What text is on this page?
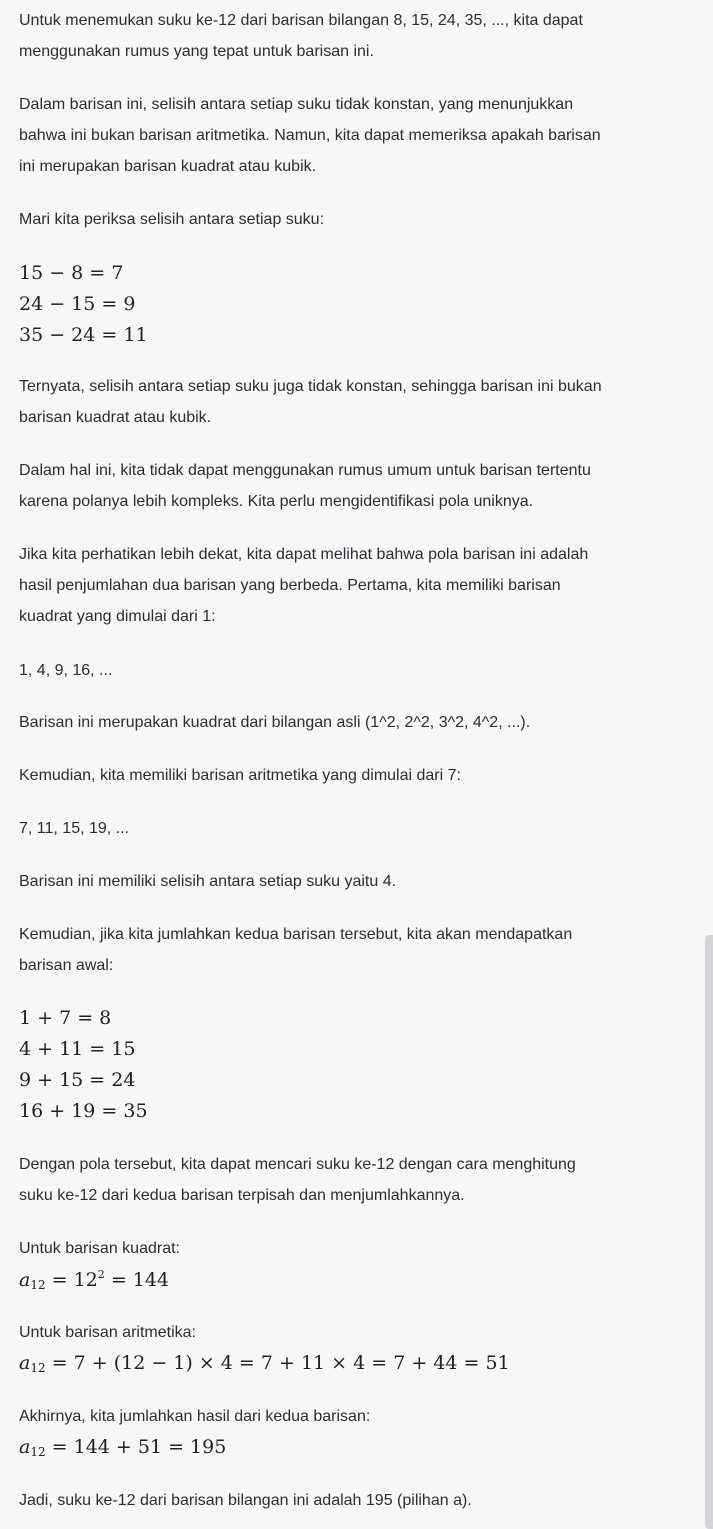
Untuk menemukan suku ke-12 dari barisan bilangan 8, 15, 24, 35, ..., kita dapat
menggunakan rumus yang tepat untuk barisan ini.
Dalam barisan ini, selisih antara setiap suku tidak konstan, yang menunjukkan
bahwa ini bukan barisan aritmetika. Namun, kita dapat memeriksa apakah barisan
ini merupakan barisan kuadrat atau kubik.
Mari kita periksa selisih antara setiap suku:
15 − 8 = 7
24 − 15 = 9
35 − 24 = 11
Ternyata, selisih antara setiap suku juga tidak konstan, sehingga barisan ini bukan
barisan kuadrat atau kubik.
Dalam hal ini, kita tidak dapat menggunakan rumus umum untuk barisan tertentu
karena polanya lebih kompleks. Kita perlu mengidentifikasi pola uniknya.
Jika kita perhatikan lebih dekat, kita dapat melihat bahwa pola barisan ini adalah
hasil penjumlahan dua barisan yang berbeda. Pertama, kita memiliki barisan
kuadrat yang dimulai dari 1:
1, 4, 9, 16, ...
Barisan ini merupakan kuadrat dari bilangan asli (1^2, 2^2, 3^2, 4^2, ...).
Kemudian, kita memiliki barisan aritmetika yang dimulai dari 7:
7, 11, 15, 19, ...
Barisan ini memiliki selisih antara setiap suku yaitu 4.
Kemudian, jika kita jumlahkan kedua barisan tersebut, kita akan mendapatkan
barisan awal:
1 + 7 = 8
4 + 11 = 15
9 + 15 = 24
16 + 19 = 35
Dengan pola tersebut, kita dapat mencari suku ke-12 dengan cara menghitung
suku ke-12 dari kedua barisan terpisah dan menjumlahkannya.
Untuk barisan kuadrat:
$a_{12} = 12^2 = 144$
Untuk barisan aritmetika:
$a_{12} = 7 + (12 - 1) \times 4 = 7 + 11 \times 4 = 7 + 44 = 51$
Akhirnya, kita jumlahkan hasil dari kedua barisan:
$a_{12} = 144 + 51 = 195$
Jadi, suku ke-12 dari barisan bilangan ini adalah 195 (pilihan a).
